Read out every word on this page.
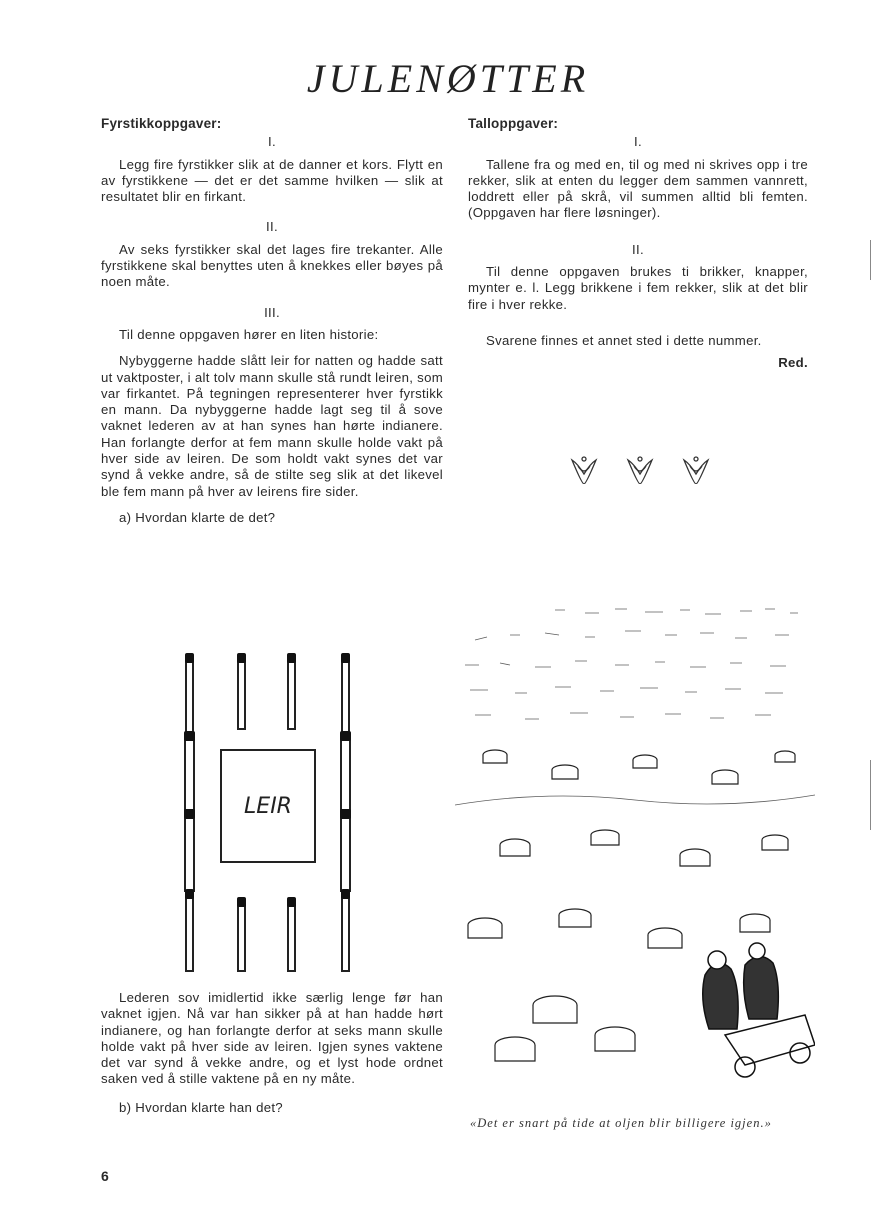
JULENØTTER
Fyrstikkoppgaver:
I.

Legg fire fyrstikker slik at de danner et kors. Flytt en av fyrstikkene — det er det samme hvilken — slik at resultatet blir en firkant.

II.

Av seks fyrstikker skal det lages fire trekanter. Alle fyrstikkene skal benyttes uten å knekkes eller bøyes på noen måte.

III.

Til denne oppgaven hører en liten historie:

Nybyggerne hadde slått leir for natten og hadde satt ut vaktposter, i alt tolv mann skulle stå rundt leiren, som var firkantet. På tegningen representerer hver fyrstikk en mann. Da nybyggerne hadde lagt seg til å sove vaknet lederen av at han synes han hørte indianere. Han forlangte derfor at fem mann skulle holde vakt på hver side av leiren. De som holdt vakt synes det var synd å vekke andre, så de stilte seg slik at det likevel ble fem mann på hver av leirens fire sider.

a) Hvordan klarte de det?

LEIR

Lederen sov imidlertid ikke særlig lenge før han vaknet igjen. Nå var han sikker på at han hadde hørt indianere, og han forlangte derfor at seks mann skulle holde vakt på hver side av leiren. Igjen synes vaktene det var synd å vekke andre, og et lyst hode ordnet saken ved å stille vaktene på en ny måte.

b) Hvordan klarte han det?

Talloppgaver:
I.

Tallene fra og med en, til og med ni skrives opp i tre rekker, slik at enten du legger dem sammen vannrett, loddrett eller på skrå, vil summen alltid bli femten. (Oppgaven har flere løsninger).

II.

Til denne oppgaven brukes ti brikker, knapper, mynter e. l. Legg brikkene i fem rekker, slik at det blir fire i hver rekke.

Svarene finnes et annet sted i dette nummer.

Red.
«Det er snart på tide at oljen blir billigere igjen.»
6
